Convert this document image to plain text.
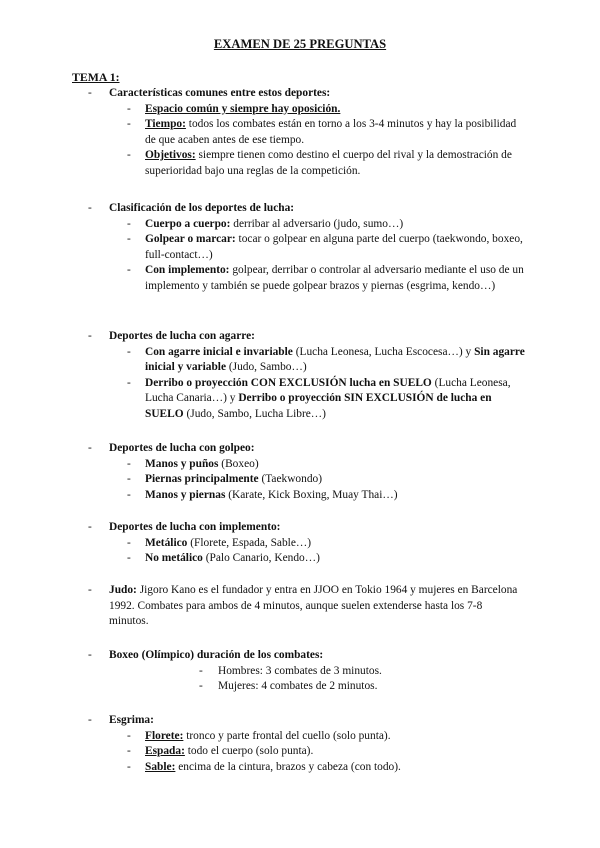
EXAMEN DE 25 PREGUNTAS
TEMA 1:
- Características comunes entre estos deportes:
- Espacio común y siempre hay oposición.
- Tiempo: todos los combates están en torno a los 3-4 minutos y hay la posibilidad de que acaben antes de ese tiempo.
- Objetivos: siempre tienen como destino el cuerpo del rival y la demostración de superioridad bajo una reglas de la competición.
- Clasificación de los deportes de lucha:
- Cuerpo a cuerpo: derribar al adversario (judo, sumo…)
- Golpear o marcar: tocar o golpear en alguna parte del cuerpo (taekwondo, boxeo, full-contact…)
- Con implemento: golpear, derribar o controlar al adversario mediante el uso de un implemento y también se puede golpear brazos y piernas (esgrima, kendo…)
- Deportes de lucha con agarre:
- Con agarre inicial e invariable (Lucha Leonesa, Lucha Escocesa…) y Sin agarre inicial y variable (Judo, Sambo…)
- Derribo o proyección CON EXCLUSIÓN lucha en SUELO (Lucha Leonesa, Lucha Canaria…) y Derribo o proyección SIN EXCLUSIÓN de lucha en SUELO (Judo, Sambo, Lucha Libre…)
- Deportes de lucha con golpeo:
- Manos y puños (Boxeo)
- Piernas principalmente (Taekwondo)
- Manos y piernas (Karate, Kick Boxing, Muay Thai…)
- Deportes de lucha con implemento:
- Metálico (Florete, Espada, Sable…)
- No metálico (Palo Canario, Kendo…)
- Judo: Jigoro Kano es el fundador y entra en JJOO en Tokio 1964 y mujeres en Barcelona 1992. Combates para ambos de 4 minutos, aunque suelen extenderse hasta los 7-8 minutos.
- Boxeo (Olímpico) duración de los combates:
- Hombres: 3 combates de 3 minutos.
- Mujeres: 4 combates de 2 minutos.
- Esgrima:
- Florete: tronco y parte frontal del cuello (solo punta).
- Espada: todo el cuerpo (solo punta).
- Sable: encima de la cintura, brazos y cabeza (con todo).
